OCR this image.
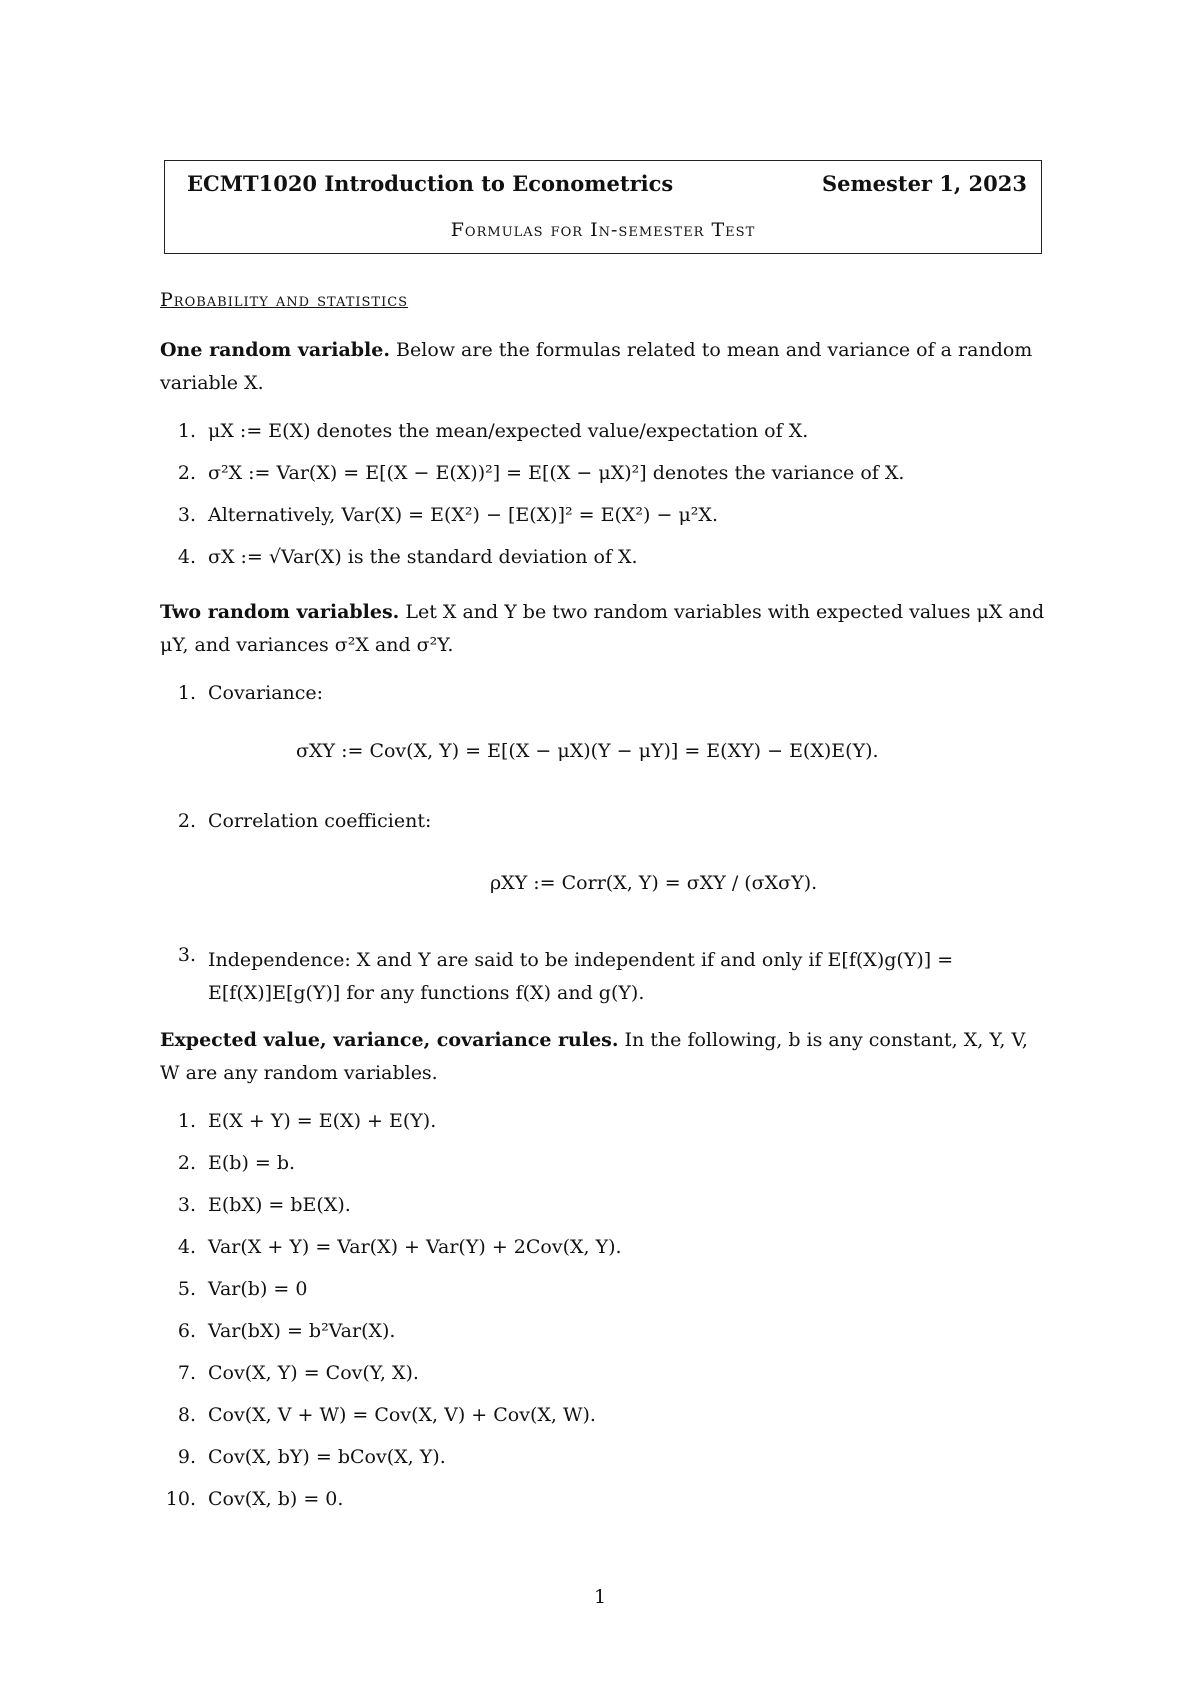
ECMT1020 Introduction to Econometrics	Semester 1, 2023
Formulas for In-semester Test
Probability and statistics
One random variable. Below are the formulas related to mean and variance of a random variable X.
1. μX := E(X) denotes the mean/expected value/expectation of X.
2. σ²X := Var(X) = E[(X − E(X))²] = E[(X − μX)²] denotes the variance of X.
3. Alternatively, Var(X) = E(X²) − [E(X)]² = E(X²) − μ²X.
4. σX := √Var(X) is the standard deviation of X.
Two random variables. Let X and Y be two random variables with expected values μX and μY, and variances σ²X and σ²Y.
1. Covariance:
σXY := Cov(X, Y) = E[(X − μX)(Y − μY)] = E(XY) − E(X)E(Y).
2. Correlation coefficient:
ρXY := Corr(X, Y) = σXY / (σXσY).
3. Independence: X and Y are said to be independent if and only if E[f(X)g(Y)] = E[f(X)]E[g(Y)] for any functions f(X) and g(Y).
Expected value, variance, covariance rules. In the following, b is any constant, X, Y, V, W are any random variables.
1. E(X + Y) = E(X) + E(Y).
2. E(b) = b.
3. E(bX) = bE(X).
4. Var(X + Y) = Var(X) + Var(Y) + 2Cov(X, Y).
5. Var(b) = 0
6. Var(bX) = b²Var(X).
7. Cov(X, Y) = Cov(Y, X).
8. Cov(X, V + W) = Cov(X, V) + Cov(X, W).
9. Cov(X, bY) = bCov(X, Y).
10. Cov(X, b) = 0.
1
